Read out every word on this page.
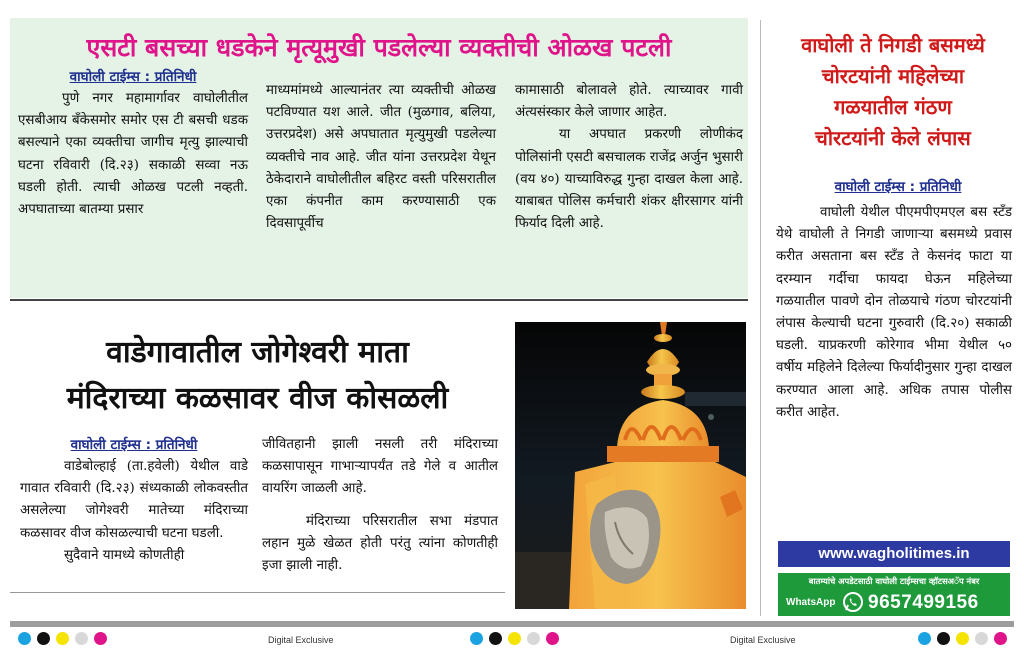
एसटी बसच्या धडकेने मृत्यूमुखी पडलेल्या व्यक्तीची ओळख पटली
वाघोली टाईम्स : प्रतिनिधी

पुणे नगर महामार्गावर वाघोलीतील एसबीआय बँकेसमोर समोर एस टी बसची धडक बसल्याने एका व्यक्तीचा जागीच मृत्यु झाल्याची घटना रविवारी (दि.२३) सकाळी सव्वा नऊ घडली होती. त्याची ओळख पटली नव्हती. अपघाताच्या बातम्या प्रसार

माध्यमांमध्ये आल्यानंतर त्या व्यक्तीची ओळख पटविण्यात यश आले. जीत (मुळगाव, बलिया, उत्तरप्रदेश) असे अपघातात मृत्युमुखी पडलेल्या व्यक्तीचे नाव आहे. जीत यांना उत्तरप्रदेश येथून ठेकेदाराने वाघोलीतील बहिरट वस्ती परिसरातील एका कंपनीत काम करण्यासाठी एक दिवसापूर्वीच

कामासाठी बोलावले होते. त्याच्यावर गावी अंत्यसंस्कार केले जाणार आहेत.

या अपघात प्रकरणी लोणीकंद पोलिसांनी एसटी बसचालक राजेंद्र अर्जुन भुसारी (वय ४०) याच्याविरुद्ध गुन्हा दाखल केला आहे. याबाबत पोलिस कर्मचारी शंकर क्षीरसागर यांनी फिर्याद दिली आहे.

वाडेगावातील जोगेश्वरी माता
मंदिराच्या कळसावर वीज कोसळली
वाघोली टाईम्स : प्रतिनिधी

वाडेबोल्हाई (ता.हवेली) येथील वाडे गावात रविवारी (दि.२३) संध्यकाळी लोकवस्तीत असलेल्या जोगेश्वरी मातेच्या मंदिराच्या कळसावर वीज कोसळल्याची घटना घडली.

सुदैवाने यामध्ये कोणतीही

जीवितहानी झाली नसली तरी मंदिराच्या कळसापासून गाभाऱ्यापर्यंत तडे गेले व आतील वायरिंग जाळली आहे.

मंदिराच्या परिसरातील सभा मंडपात लहान मुळे खेळत होती परंतु त्यांना कोणतीही इजा झाली नाही.

वाघोली ते निगडी बसमध्ये
चोरटयांनी महिलेच्या
गळयातील गंठण
चोरटयांनी केले लंपास
वाघोली टाईम्स : प्रतिनिधी

वाघोली येथील पीएमपीएमएल बस स्टँड येथे वाघोली ते निगडी जाणाऱ्या बसमध्ये प्रवास करीत असताना बस स्टँड ते केसनंद फाटा या दरम्यान गर्दीचा फायदा घेऊन महिलेच्या गळयातील पावणे दोन तोळयाचे गंठण चोरटयांनी लंपास केल्याची घटना गुरुवारी (दि.२०) सकाळी घडली. याप्रकरणी कोरेगाव भीमा येथील ५० वर्षीय महिलेने दिलेल्या फिर्यादीनुसार गुन्हा दाखल करण्यात आला आहे. अधिक तपास पोलीस करीत आहेत.

www.wagholitimes.in
बातम्यांचे अपडेटसाठी वाघोली टाईम्सचा व्हॉटसअॅप नंबर
WhatsApp 9657499156
Digital Exclusive	Digital Exclusive
